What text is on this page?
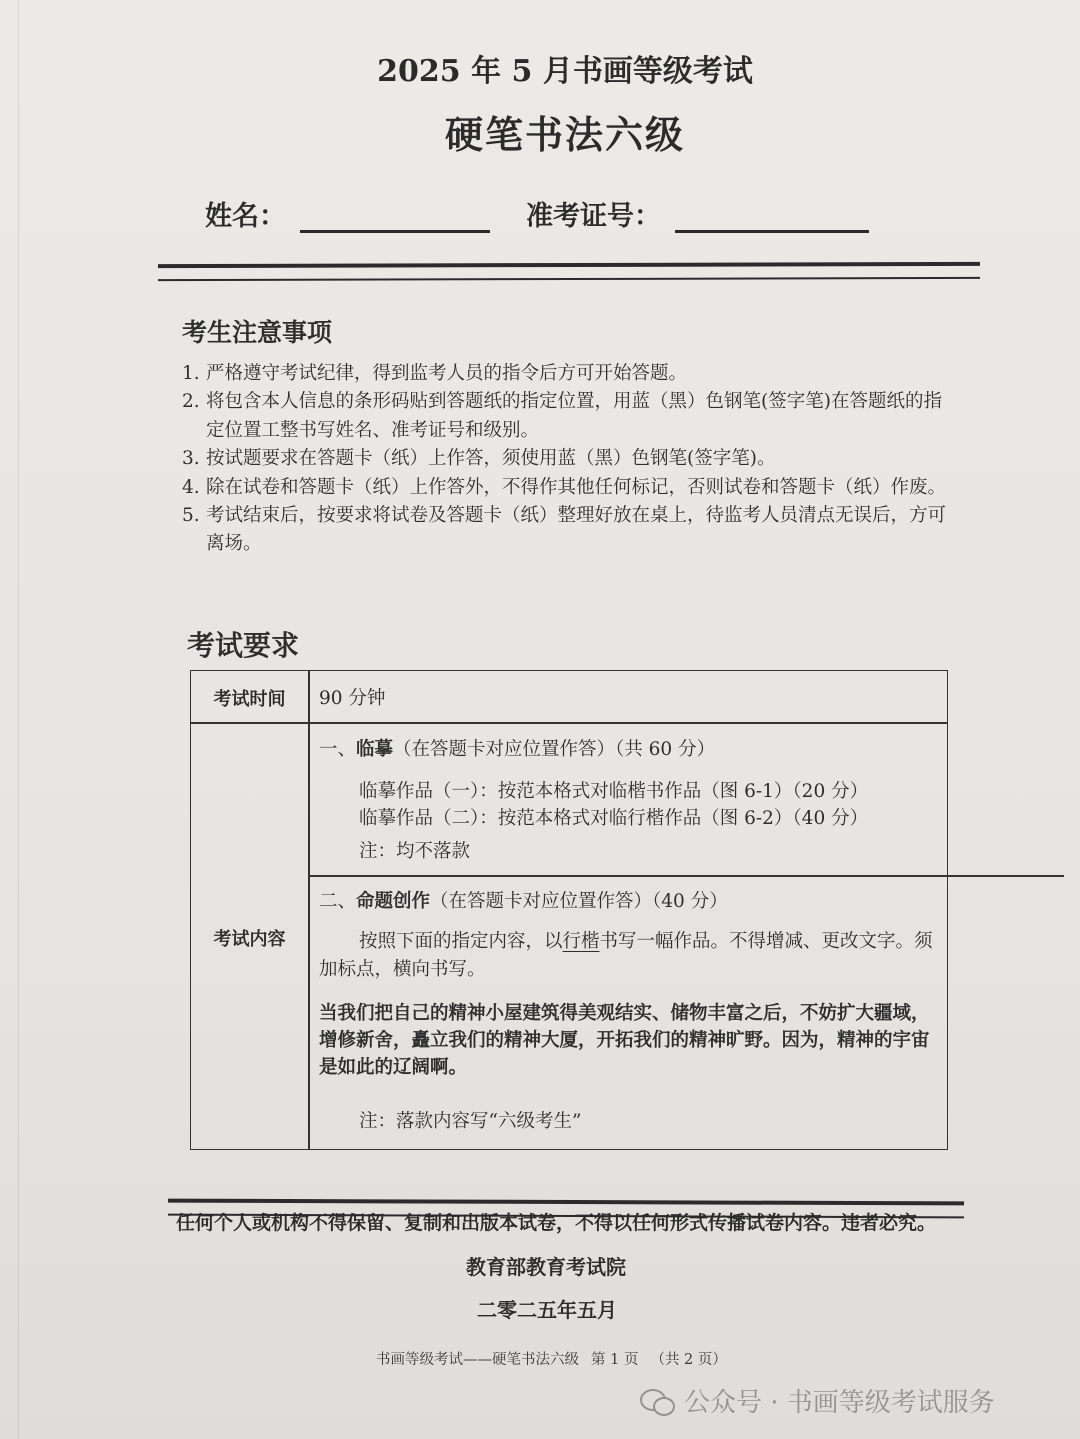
2025 年 5 月书画等级考试
硬笔书法六级
姓名：	准考证号：
考生注意事项
1. 严格遵守考试纪律，得到监考人员的指令后方可开始答题。
2. 将包含本人信息的条形码贴到答题纸的指定位置，用蓝（黑）色钢笔(签字笔)在答题纸的指定位置工整书写姓名、准考证号和级别。
3. 按试题要求在答题卡（纸）上作答，须使用蓝（黑）色钢笔(签字笔)。
4. 除在试卷和答题卡（纸）上作答外，不得作其他任何标记，否则试卷和答题卡（纸）作废。
5. 考试结束后，按要求将试卷及答题卡（纸）整理好放在桌上，待监考人员清点无误后，方可离场。
考试要求
考试时间	90 分钟
考试内容
一、临摹（在答题卡对应位置作答）（共 60 分）
临摹作品（一）：按范本格式对临楷书作品（图 6-1）（20 分）
临摹作品（二）：按范本格式对临行楷作品（图 6-2）（40 分）
注：均不落款
二、命题创作（在答题卡对应位置作答）（40 分）
按照下面的指定内容，以行楷书写一幅作品。不得增减、更改文字。须加标点，横向书写。
当我们把自己的精神小屋建筑得美观结实、储物丰富之后，不妨扩大疆域，增修新舍，矗立我们的精神大厦，开拓我们的精神旷野。因为，精神的宇宙是如此的辽阔啊。
注：落款内容写“六级考生”
任何个人或机构不得保留、复制和出版本试卷，不得以任何形式传播试卷内容。违者必究。
教育部教育考试院
二零二五年五月
书画等级考试——硬笔书法六级 第 1 页 （共 2 页）
公众号 · 书画等级考试服务
